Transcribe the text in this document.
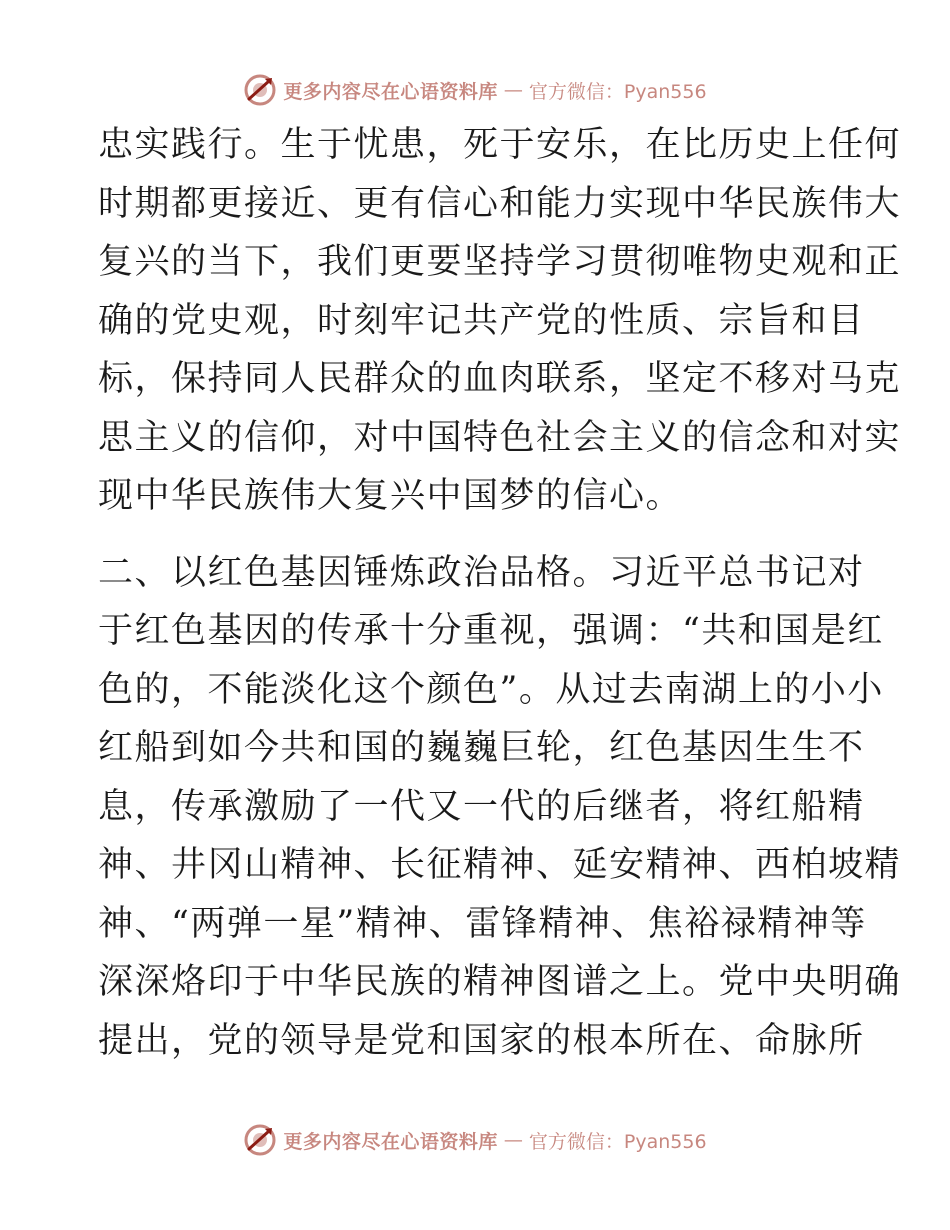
更多内容尽在心语资料库 — 官方微信：Pyan556

忠实践行。生于忧患，死于安乐，在比历史上任何
时期都更接近、更有信心和能力实现中华民族伟大
复兴的当下，我们更要坚持学习贯彻唯物史观和正
确的党史观，时刻牢记共产党的性质、宗旨和目
标，保持同人民群众的血肉联系，坚定不移对马克
思主义的信仰，对中国特色社会主义的信念和对实
现中华民族伟大复兴中国梦的信心。

二、以红色基因锤炼政治品格。习近平总书记对
于红色基因的传承十分重视，强调：“共和国是红
色的，不能淡化这个颜色”。从过去南湖上的小小
红船到如今共和国的巍巍巨轮，红色基因生生不
息，传承激励了一代又一代的后继者，将红船精
神、井冈山精神、长征精神、延安精神、西柏坡精
神、“两弹一星”精神、雷锋精神、焦裕禄精神等
深深烙印于中华民族的精神图谱之上。党中央明确
提出，党的领导是党和国家的根本所在、命脉所

更多内容尽在心语资料库 — 官方微信：Pyan556
